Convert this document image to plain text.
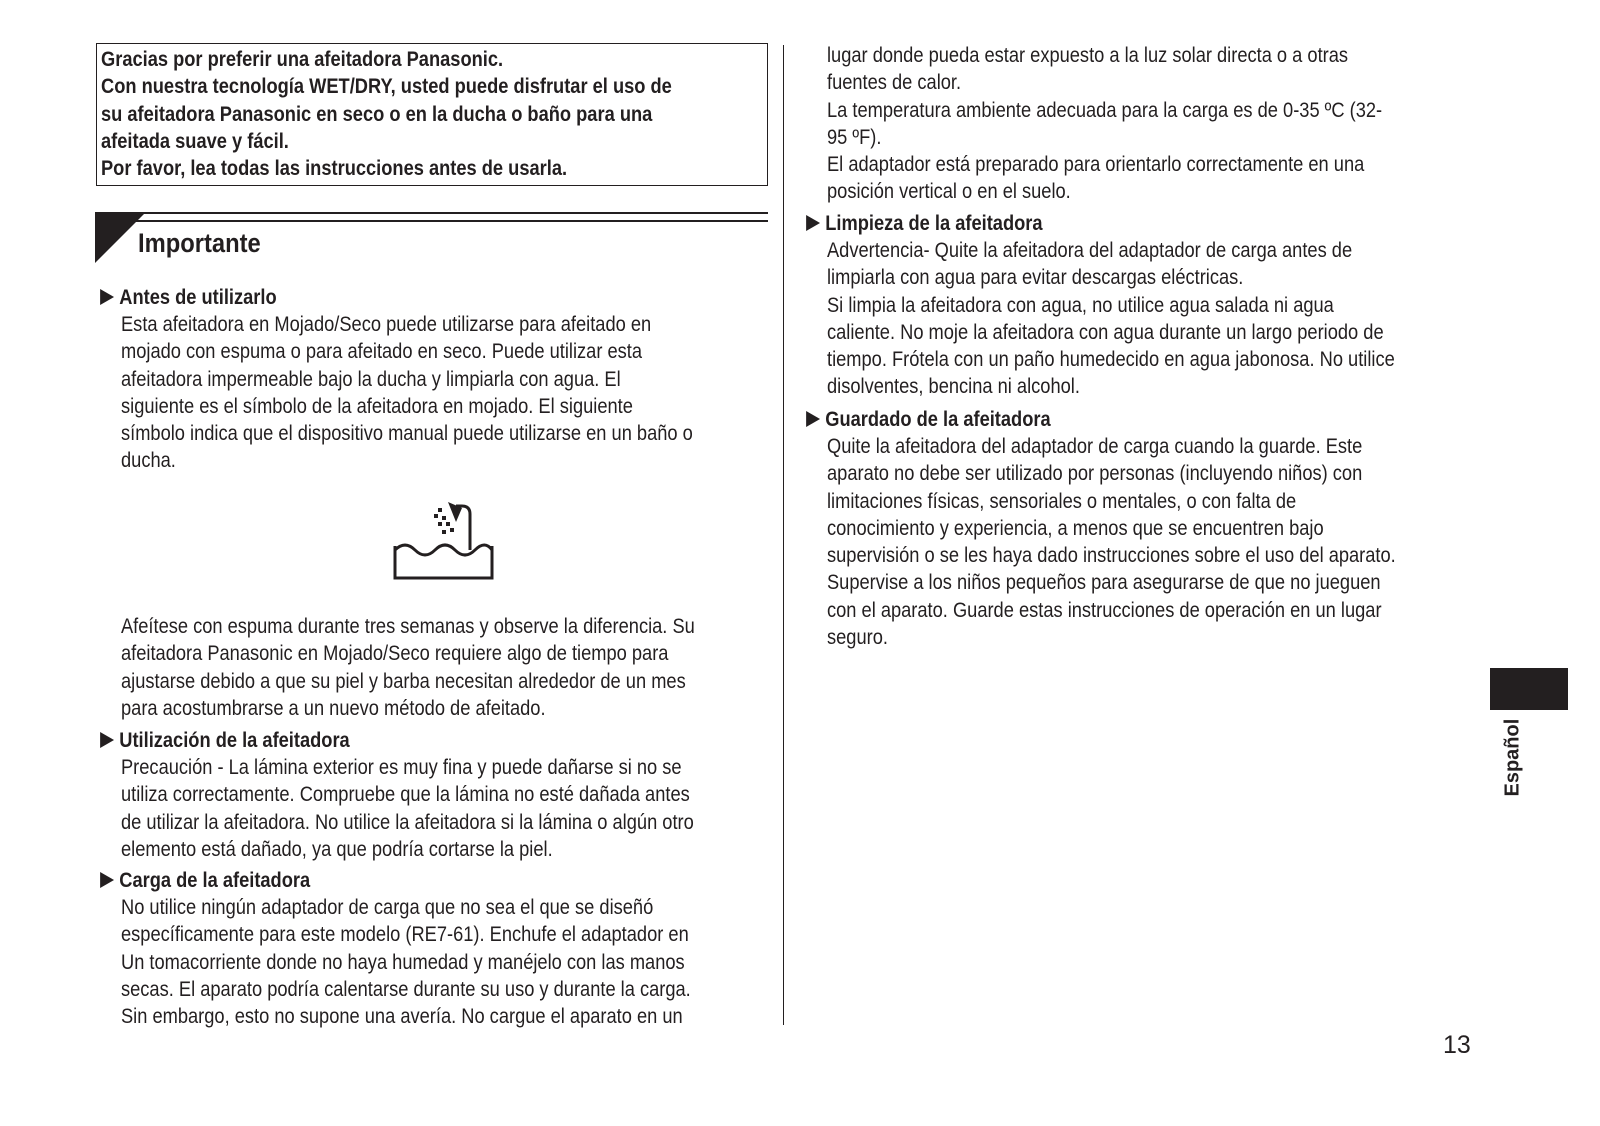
Gracias por preferir una afeitadora Panasonic.
Con nuestra tecnología WET/DRY, usted puede disfrutar el uso de
su afeitadora Panasonic en seco o en la ducha o baño para una
afeitada suave y fácil.
Por favor, lea todas las instrucciones antes de usarla.
Importante
Antes de utilizarlo
Esta afeitadora en Mojado/Seco puede utilizarse para afeitado en
mojado con espuma o para afeitado en seco. Puede utilizar esta
afeitadora impermeable bajo la ducha y limpiarla con agua. El
siguiente es el símbolo de la afeitadora en mojado. El siguiente
símbolo indica que el dispositivo manual puede utilizarse en un baño o
ducha.
Afeítese con espuma durante tres semanas y observe la diferencia. Su
afeitadora Panasonic en Mojado/Seco requiere algo de tiempo para
ajustarse debido a que su piel y barba necesitan alrededor de un mes
para acostumbrarse a un nuevo método de afeitado.
Utilización de la afeitadora
Precaución - La lámina exterior es muy fina y puede dañarse si no se
utiliza correctamente. Compruebe que la lámina no esté dañada antes
de utilizar la afeitadora. No utilice la afeitadora si la lámina o algún otro
elemento está dañado, ya que podría cortarse la piel.
Carga de la afeitadora
No utilice ningún adaptador de carga que no sea el que se diseñó
específicamente para este modelo (RE7-61). Enchufe el adaptador en
Un tomacorriente donde no haya humedad y manéjelo con las manos
secas. El aparato podría calentarse durante su uso y durante la carga.
Sin embargo, esto no supone una avería. No cargue el aparato en un
lugar donde pueda estar expuesto a la luz solar directa o a otras
fuentes de calor.
La temperatura ambiente adecuada para la carga es de 0-35 ºC (32-
95 ºF).
El adaptador está preparado para orientarlo correctamente en una
posición vertical o en el suelo.
Limpieza de la afeitadora
Advertencia- Quite la afeitadora del adaptador de carga antes de
limpiarla con agua para evitar descargas eléctricas.
Si limpia la afeitadora con agua, no utilice agua salada ni agua
caliente. No moje la afeitadora con agua durante un largo periodo de
tiempo. Frótela con un paño humedecido en agua jabonosa. No utilice
disolventes, bencina ni alcohol.
Guardado de la afeitadora
Quite la afeitadora del adaptador de carga cuando la guarde. Este
aparato no debe ser utilizado por personas (incluyendo niños) con
limitaciones físicas, sensoriales o mentales, o con falta de
conocimiento y experiencia, a menos que se encuentren bajo
supervisión o se les haya dado instrucciones sobre el uso del aparato.
Supervise a los niños pequeños para asegurarse de que no jueguen
con el aparato. Guarde estas instrucciones de operación en un lugar
seguro.
Español
13
